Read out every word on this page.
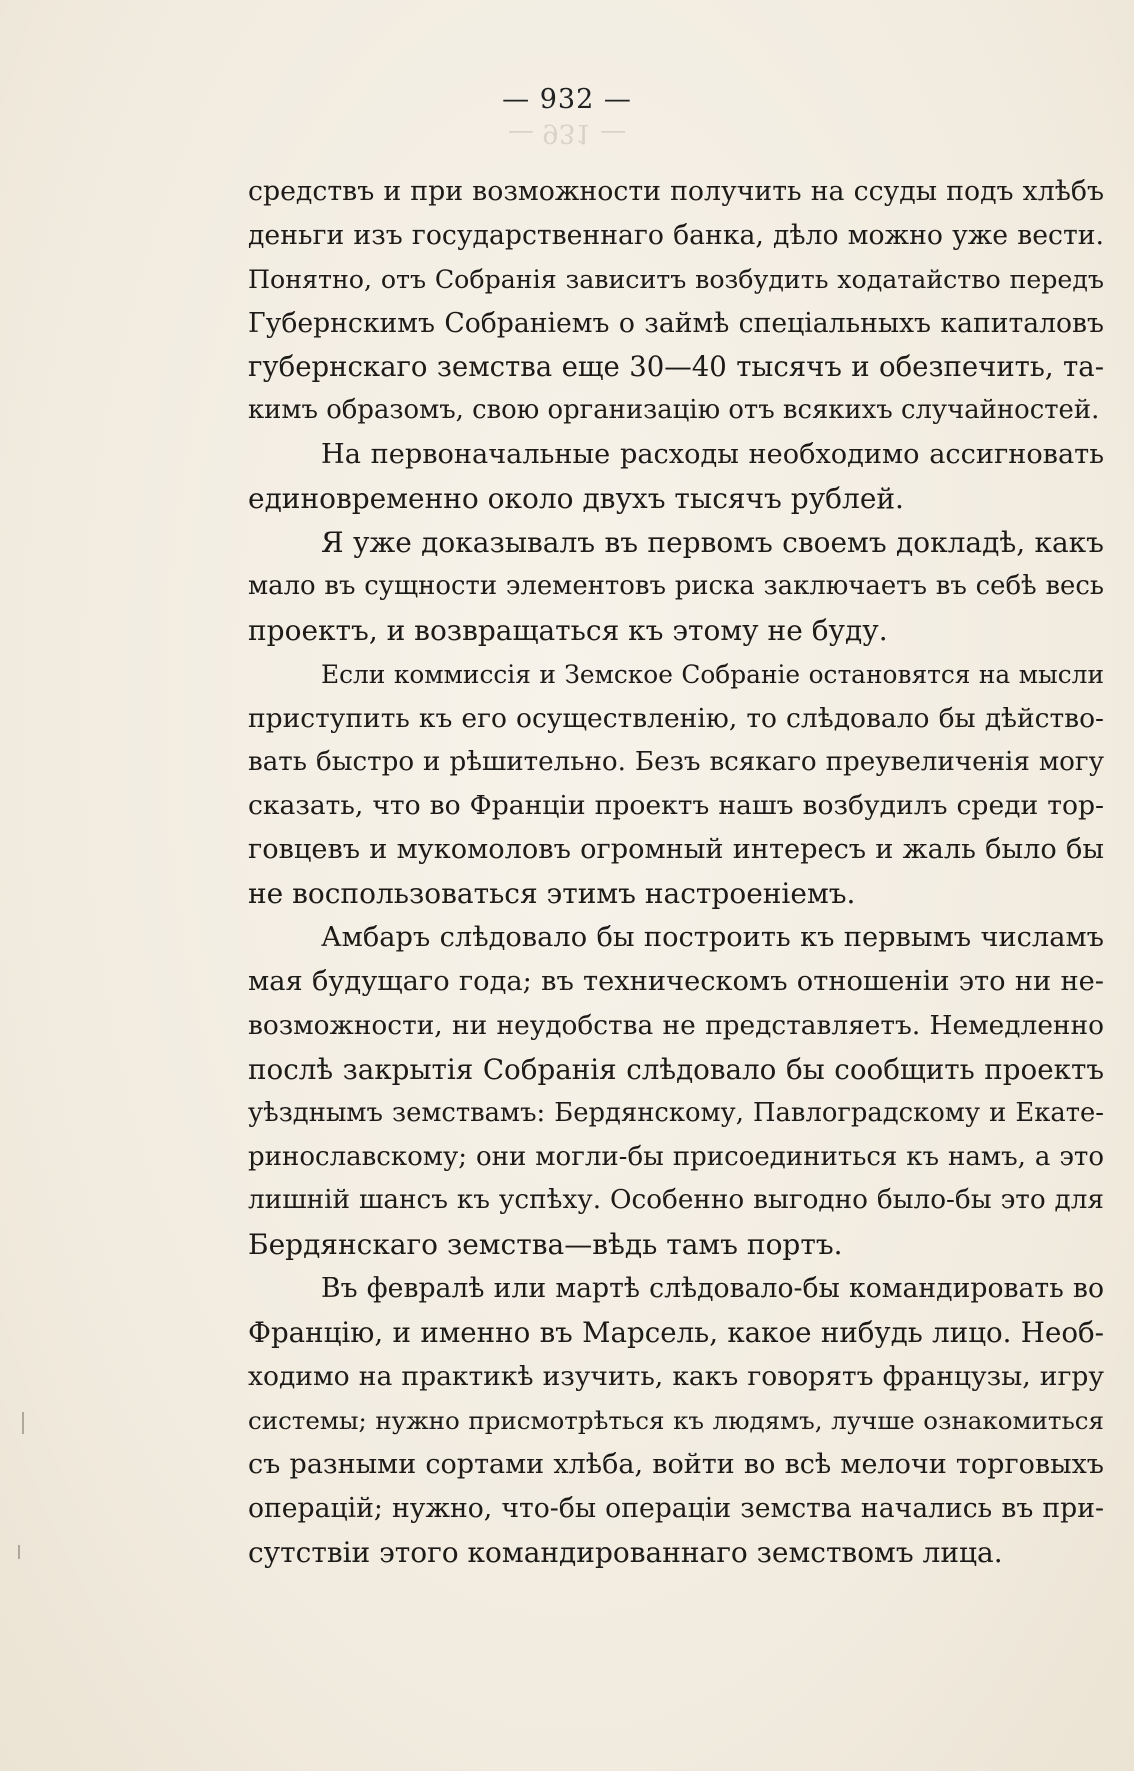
— 931 —
— 932 —
средствъ и при возможности получить на ссуды подъ хлѣбъ
деньги изъ государственнаго банка, дѣло можно уже вести.
Понятно, отъ Собранія зависитъ возбудить ходатайство передъ
Губернскимъ Собраніемъ о займѣ спеціальныхъ капиталовъ
губернскаго земства еще 30—40 тысячъ и обезпечить, та-
кимъ образомъ, свою организацію отъ всякихъ случайностей.
На первоначальные расходы необходимо ассигновать
единовременно около двухъ тысячъ рублей.
Я уже доказывалъ въ первомъ своемъ докладѣ, какъ
мало въ сущности элементовъ риска заключаетъ въ себѣ весь
проектъ, и возвращаться къ этому не буду.
Если коммиссія и Земское Собраніе остановятся на мысли
приступить къ его осуществленію, то слѣдовало бы дѣйство-
вать быстро и рѣшительно. Безъ всякаго преувеличенія могу
сказать, что во Франціи проектъ нашъ возбудилъ среди тор-
говцевъ и мукомоловъ огромный интересъ и жаль было бы
не воспользоваться этимъ настроеніемъ.
Амбаръ слѣдовало бы построить къ первымъ числамъ
мая будущаго года; въ техническомъ отношеніи это ни не-
возможности, ни неудобства не представляетъ. Немедленно
послѣ закрытія Собранія слѣдовало бы сообщить проектъ
уѣзднымъ земствамъ: Бердянскому, Павлоградскому и Екате-
ринославскому; они могли-бы присоединиться къ намъ, а это
лишній шансъ къ успѣху. Особенно выгодно было-бы это для
Бердянскаго земства—вѣдь тамъ портъ.
Въ февралѣ или мартѣ слѣдовало-бы командировать во
Францію, и именно въ Марсель, какое нибудь лицо. Необ-
ходимо на практикѣ изучить, какъ говорятъ французы, игру
системы; нужно присмотрѣться къ людямъ, лучше ознакомиться
съ разными сортами хлѣба, войти во всѣ мелочи торговыхъ
операцій; нужно, что-бы операціи земства начались въ при-
сутствіи этого командированнаго земствомъ лица.
